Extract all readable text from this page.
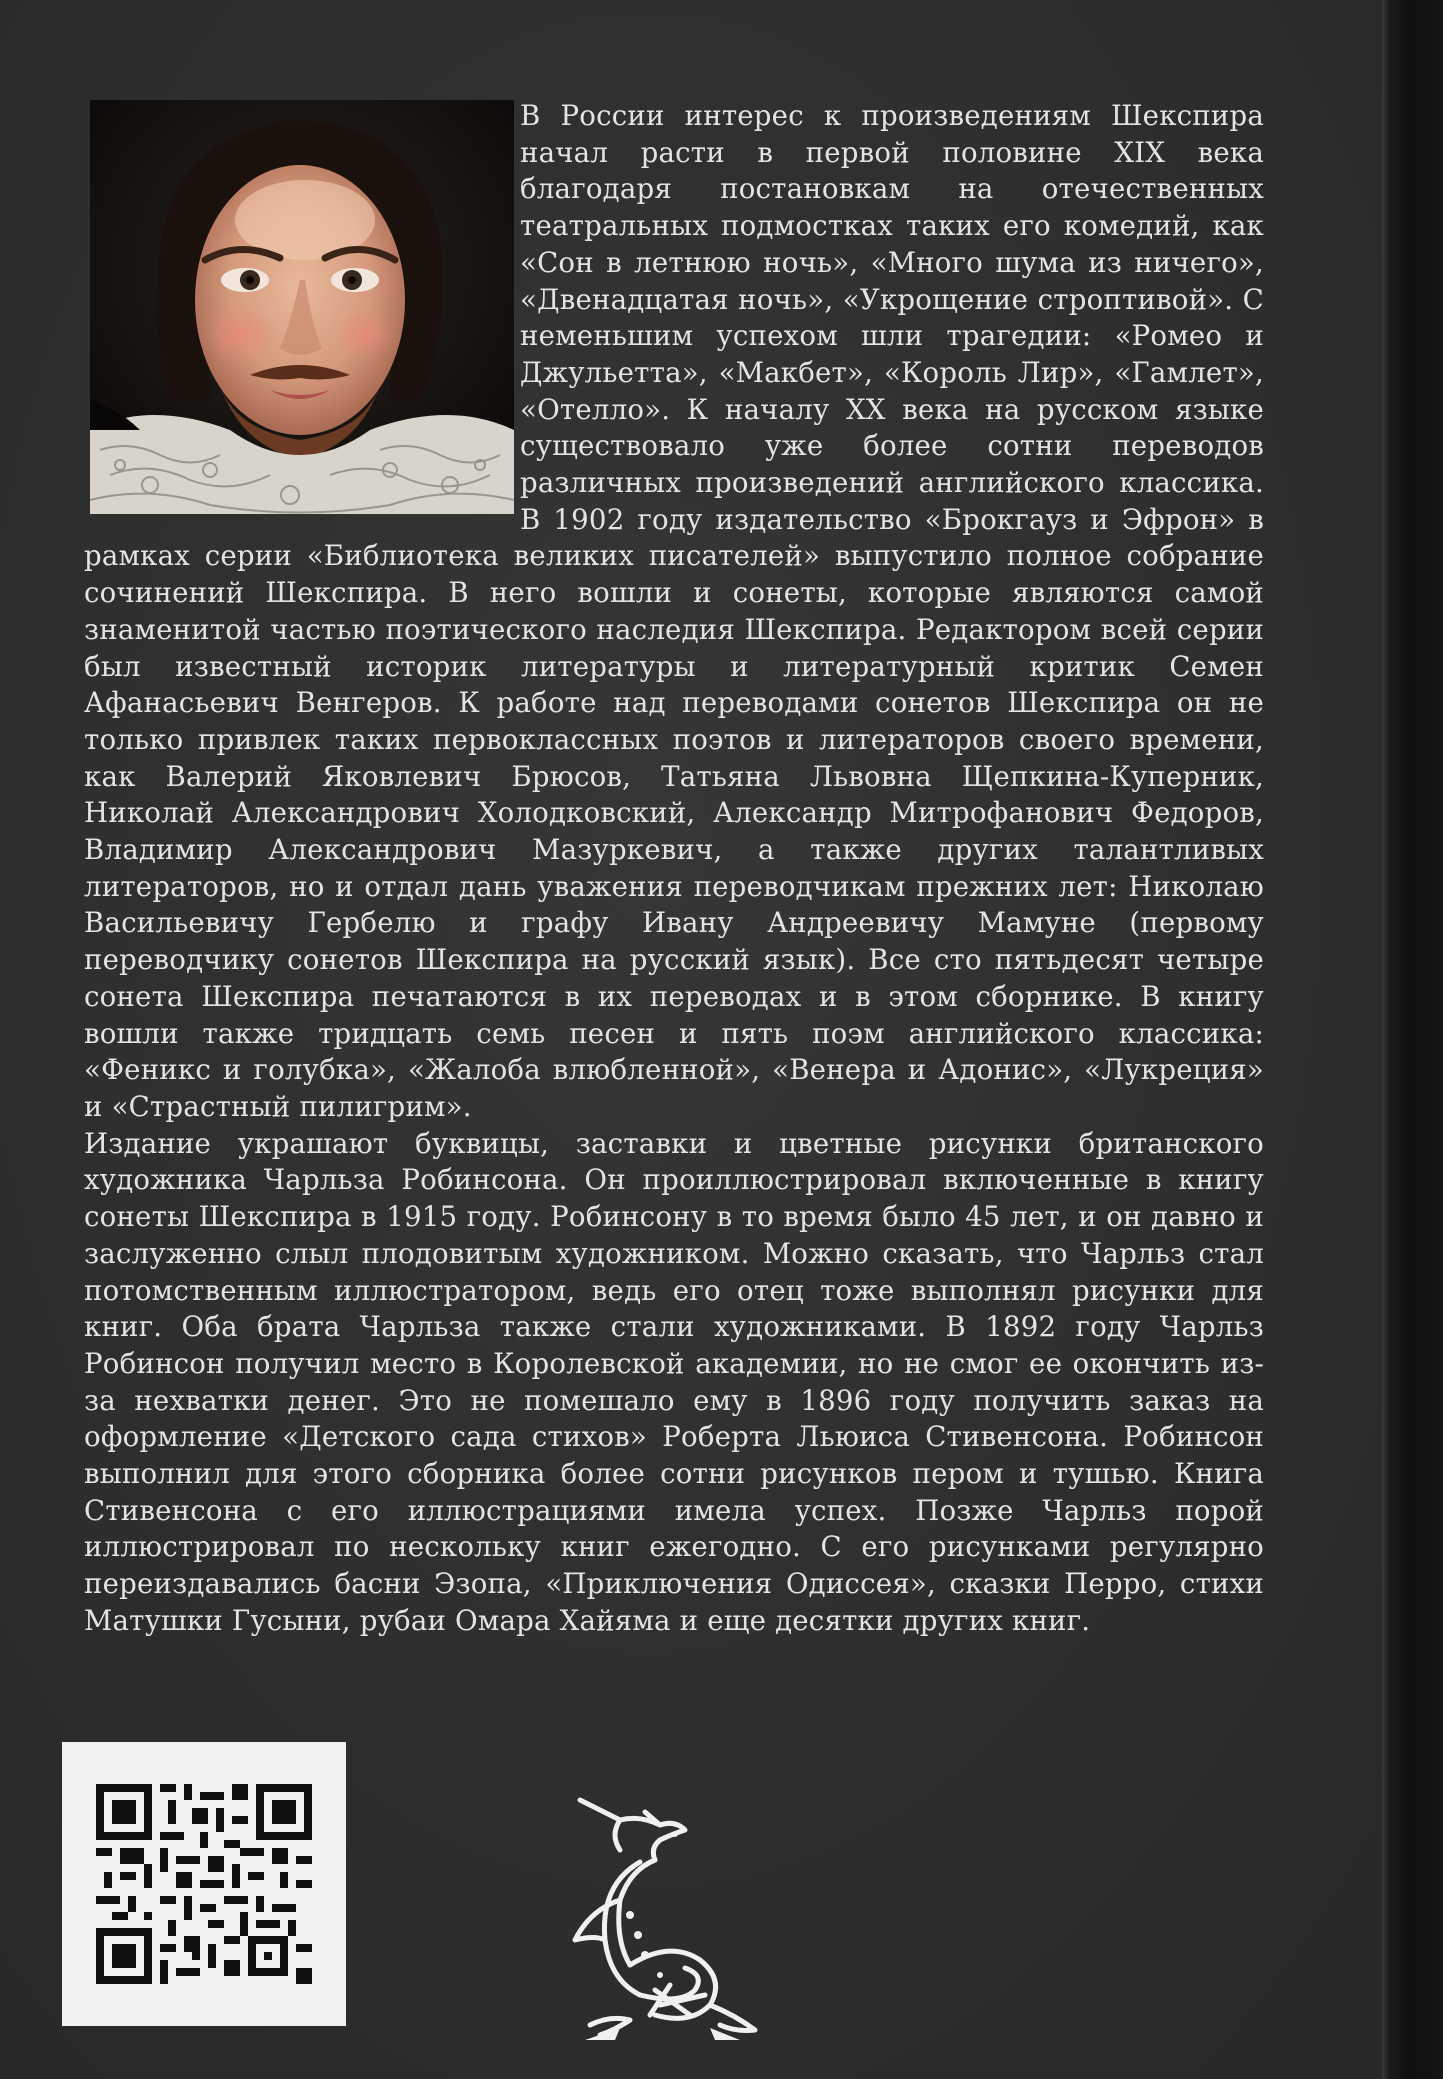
В России интерес к произведениям Шекспира начал расти в первой половине XIX века благодаря постановкам на отечественных театральных подмостках таких его комедий, как «Сон в летнюю ночь», «Много шума из ничего», «Двенадцатая ночь», «Укрощение строптивой». С неменьшим успехом шли трагедии: «Ромео и Джульетта», «Макбет», «Король Лир», «Гамлет», «Отелло». К началу XX века на русском языке существовало уже более сотни переводов различных произведений английского классика. В 1902 году издательство «Брокгауз и Эфрон» в рамках серии «Библиотека великих писателей» выпустило полное собрание сочинений Шекспира. В него вошли и сонеты, которые являются самой знаменитой частью поэтического наследия Шекспира. Редактором всей серии был известный историк литературы и литературный критик Семен Афанасьевич Венгеров. К работе над переводами сонетов Шекспира он не только привлек таких первоклассных поэтов и литераторов своего времени, как Валерий Яковлевич Брюсов, Татьяна Львовна Щепкина-Куперник, Николай Александрович Холодковский, Александр Митрофанович Федоров, Владимир Александрович Мазуркевич, а также других талантливых литераторов, но и отдал дань уважения переводчикам прежних лет: Николаю Васильевичу Гербелю и графу Ивану Андреевичу Мамуне (первому переводчику сонетов Шекспира на русский язык). Все сто пятьдесят четыре сонета Шекспира печатаются в их переводах и в этом сборнике. В книгу вошли также тридцать семь песен и пять поэм английского классика: «Феникс и голубка», «Жалоба влюбленной», «Венера и Адонис», «Лукреция» и «Страстный пилигрим».

Издание украшают буквицы, заставки и цветные рисунки британского художника Чарльза Робинсона. Он проиллюстрировал включенные в книгу сонеты Шекспира в 1915 году. Робинсону в то время было 45 лет, и он давно и заслуженно слыл плодовитым художником. Можно сказать, что Чарльз стал потомственным иллюстратором, ведь его отец тоже выполнял рисунки для книг. Оба брата Чарльза также стали художниками. В 1892 году Чарльз Робинсон получил место в Королевской академии, но не смог ее окончить из-за нехватки денег. Это не помешало ему в 1896 году получить заказ на оформление «Детского сада стихов» Роберта Льюиса Стивенсона. Робинсон выполнил для этого сборника более сотни рисунков пером и тушью. Книга Стивенсона с его иллюстрациями имела успех. Позже Чарльз порой иллюстрировал по нескольку книг ежегодно. С его рисунками регулярно переиздавались басни Эзопа, «Приключения Одиссея», сказки Перро, стихи Матушки Гусыни, рубаи Омара Хайяма и еще десятки других книг.
